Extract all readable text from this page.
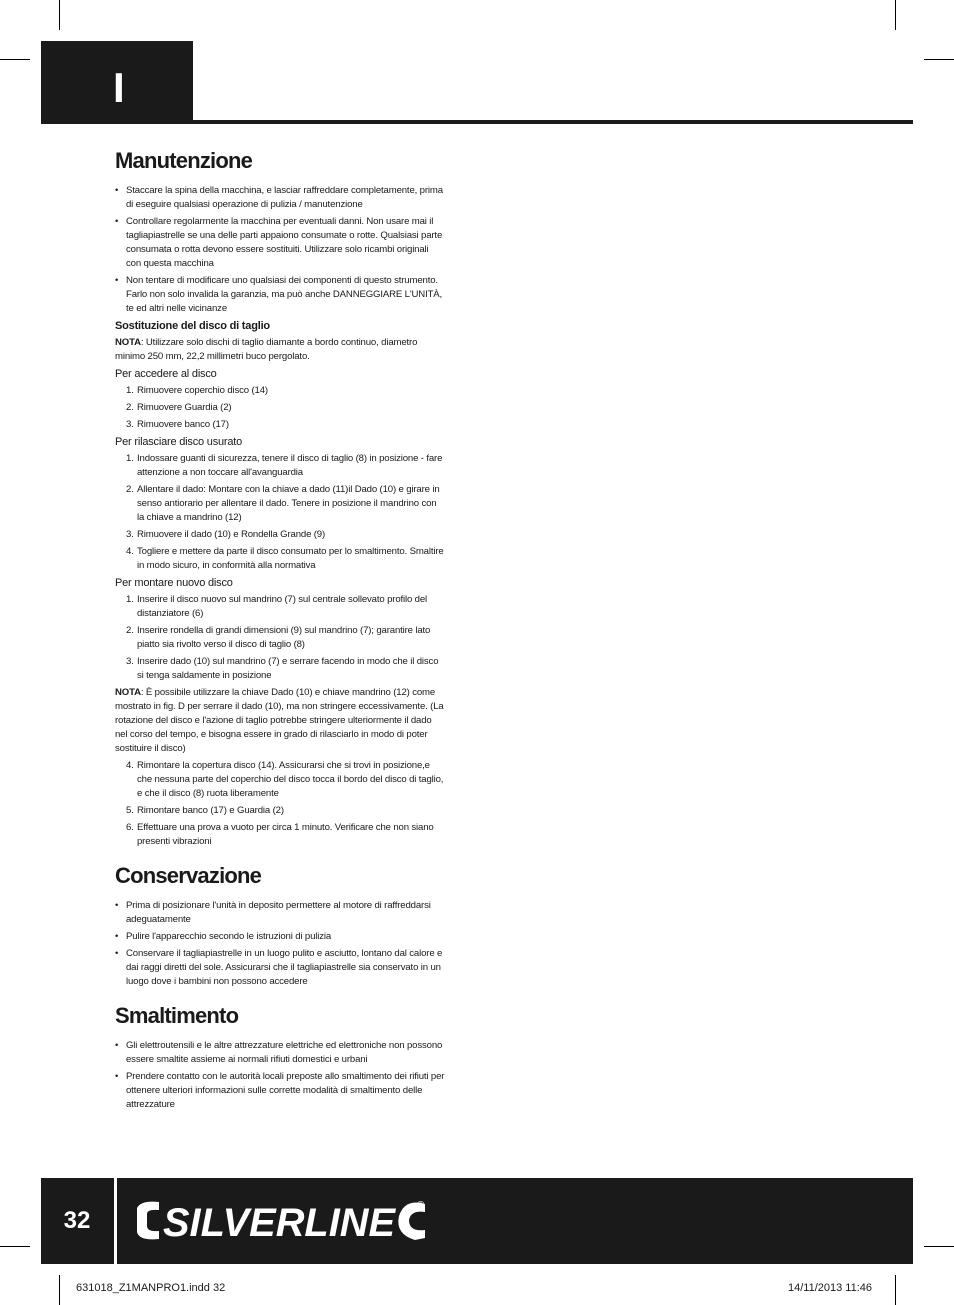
I
Manutenzione
• Staccare la spina della macchina, e lasciar raffreddare completamente, prima di eseguire qualsiasi operazione di pulizia / manutenzione
• Controllare regolarmente la macchina per eventuali danni. Non usare mai il tagliapiastrelle se una delle parti appaiono consumate o rotte. Qualsiasi parte consumata o rotta devono essere sostituiti. Utilizzare solo ricambi originali con questa macchina
• Non tentare di modificare uno qualsiasi dei componenti di questo strumento. Farlo non solo invalida la garanzia, ma può anche DANNEGGIARE L'UNITÀ, te ed altri nelle vicinanze
Sostituzione del disco di taglio

NOTA: Utilizzare solo dischi di taglio diamante a bordo continuo, diametro minimo 250 mm, 22,2 millimetri buco pergolato.

Per accedere al disco
1. Rimuovere coperchio disco (14)
2. Rimuovere Guardia (2)
3. Rimuovere banco (17)
Per rilasciare disco usurato
1. Indossare guanti di sicurezza, tenere il disco di taglio (8) in posizione - fare attenzione a non toccare all'avanguardia
2. Allentare il dado: Montare con la chiave a dado (11)il Dado (10) e girare in senso antiorario per allentare il dado. Tenere in posizione il mandrino con la chiave a mandrino (12)
3. Rimuovere il dado (10) e Rondella Grande (9)
4. Togliere e mettere da parte il disco consumato per lo smaltimento. Smaltire in modo sicuro, in conformità alla normativa
Per montare nuovo disco
1. Inserire il disco nuovo sul mandrino (7) sul centrale sollevato profilo del distanziatore (6)
2. Inserire rondella di grandi dimensioni (9) sul mandrino (7); garantire lato piatto sia rivolto verso il disco di taglio (8)
3. Inserire dado (10) sul mandrino (7) e serrare facendo in modo che il disco si tenga saldamente in posizione

NOTA: È possibile utilizzare la chiave Dado (10) e chiave mandrino (12) come mostrato in fig. D per serrare il dado (10), ma non stringere eccessivamente. (La rotazione del disco e l'azione di taglio potrebbe stringere ulteriormente il dado nel corso del tempo, e bisogna essere in grado di rilasciarlo in modo di poter sostituire il disco)

4. Rimontare la copertura disco (14). Assicurarsi che si trovi in posizione,e che nessuna parte del coperchio del disco tocca il bordo del disco di taglio, e che il disco (8) ruota liberamente
5. Rimontare banco (17) e Guardia (2)
6. Effettuare una prova a vuoto per circa 1 minuto. Verificare che non siano presenti vibrazioni
Conservazione
• Prima di posizionare l'unità in deposito permettere al motore di raffreddarsi adeguatamente
• Pulire l'apparecchio secondo le istruzioni di pulizia
• Conservare il tagliapiastrelle in un luogo pulito e asciutto, lontano dal calore e dai raggi diretti del sole. Assicurarsi che il tagliapiastrelle sia conservato in un luogo dove i bambini non possono accedere
Smaltimento
• Gli elettroutensili e le altre attrezzature elettriche ed elettroniche non possono essere smaltite assieme ai normali rifiuti domestici e urbani
• Prendere contatto con le autorità locali preposte allo smaltimento dei rifiuti per ottenere ulteriori informazioni sulle corrette modalità di smaltimento delle attrezzature
32	SILVERLINE ®
631018_Z1MANPRO1.indd 32	14/11/2013 11:46
